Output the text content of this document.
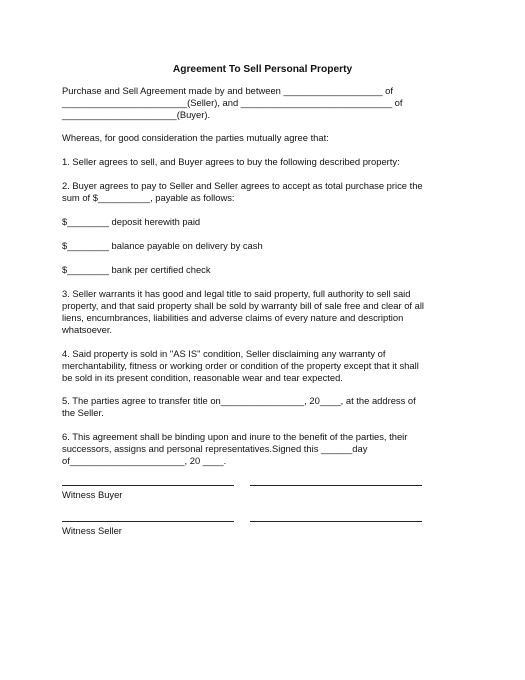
Agreement To Sell Personal Property
Purchase and Sell Agreement made by and between ___________________ of
________________________(Seller), and _____________________________ of
______________________(Buyer).
Whereas, for good consideration the parties mutually agree that:
1. Seller agrees to sell, and Buyer agrees to buy the following described property:
2. Buyer agrees to pay to Seller and Seller agrees to accept as total purchase price the
sum of $__________, payable as follows:
$________ deposit herewith paid
$________ balance payable on delivery by cash
$________ bank per certified check
3. Seller warrants it has good and legal title to said property, full authority to sell said
property, and that said property shall be sold by warranty bill of sale free and clear of all
liens, encumbrances, liabilities and adverse claims of every nature and description
whatsoever.
4. Said property is sold in "AS IS" condition, Seller disclaiming any warranty of
merchantability, fitness or working order or condition of the property except that it shall
be sold in its present condition, reasonable wear and tear expected.
5. The parties agree to transfer title on________________, 20____, at the address of
the Seller.
6. This agreement shall be binding upon and inure to the benefit of the parties, their
successors, assigns and personal representatives.Signed this ______day
of______________________, 20 ____.
Witness Buyer
Witness Seller
